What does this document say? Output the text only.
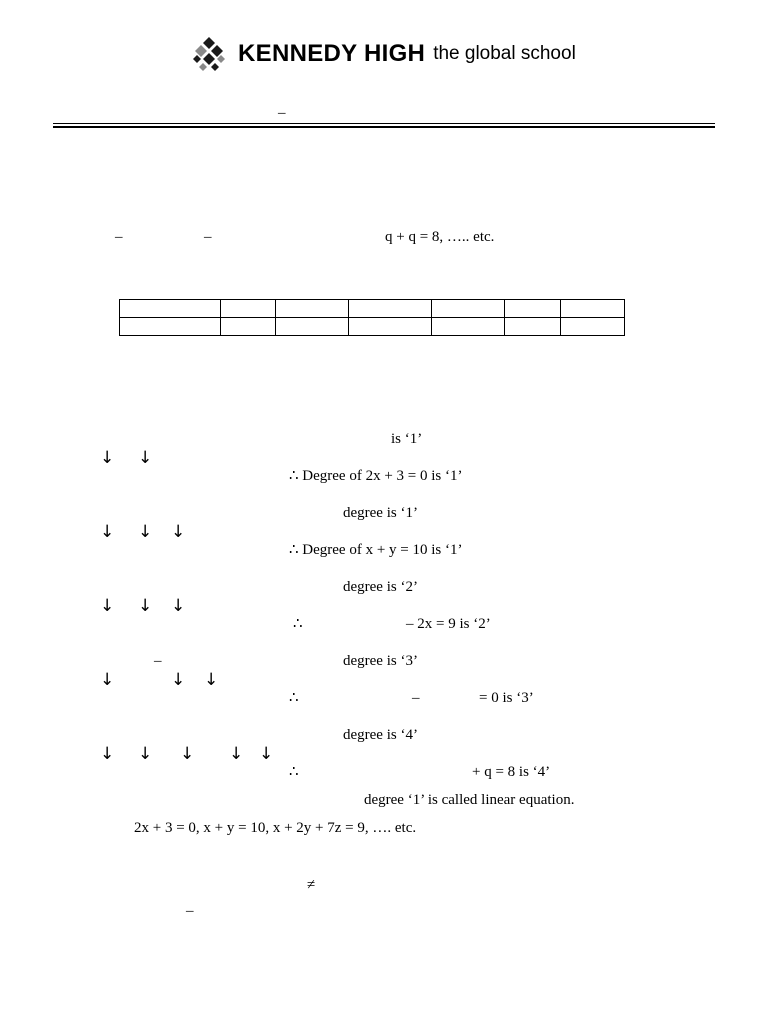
KENNEDY HIGH the global school
–
–	–	q + q = 8, ….. etc.

is ‘1’
↓ ↓
∴ Degree of 2x + 3 = 0 is ‘1’
degree is ‘1’
↓ ↓ ↓
∴ Degree of x + y = 10 is ‘1’
degree is ‘2’
↓ ↓ ↓
∴	– 2x = 9 is ‘2’
–	degree is ‘3’
↓	↓ ↓
∴	–	= 0 is ‘3’
degree is ‘4’
↓ ↓ ↓ ↓ ↓
∴	+ q = 8 is ‘4’
degree ‘1’ is called linear equation.
2x + 3 = 0, x + y = 10, x + 2y + 7z = 9, …. etc.
≠
–
